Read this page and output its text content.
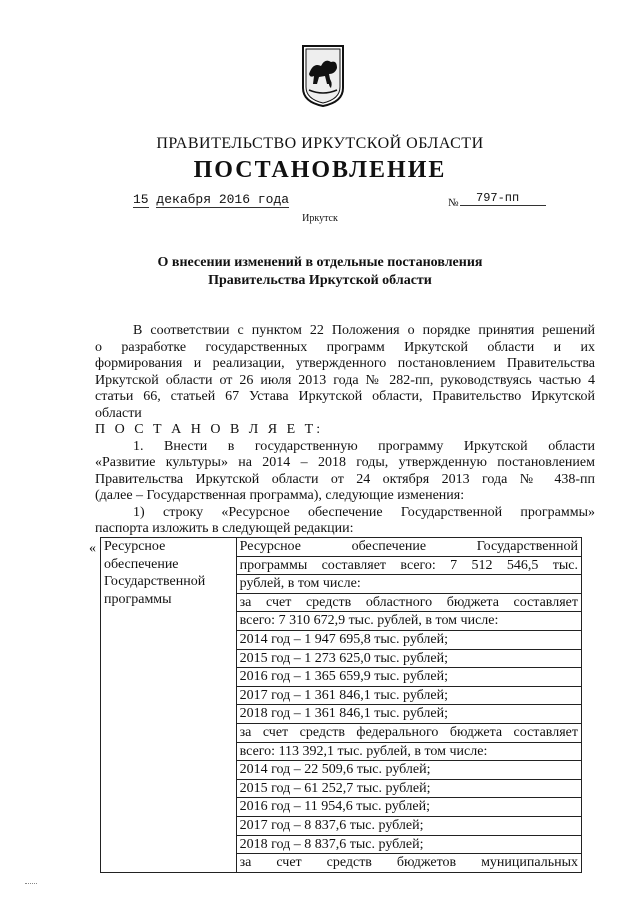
ПРАВИТЕЛЬСТВО ИРКУТСКОЙ ОБЛАСТИ
ПОСТАНОВЛЕНИЕ
15 декабря 2016 года	№	797-пп
Иркутск
О внесении изменений в отдельные постановления
Правительства Иркутской области

В соответствии с пунктом 22 Положения о порядке принятия решений

о разработке государственных программ Иркутской области и их

формирования и реализации, утвержденного постановлением Правительства

Иркутской области от 26 июля 2013 года № 282-пп, руководствуясь частью 4

статьи 66, статьей 67 Устава Иркутской области, Правительство Иркутской

области

П О С Т А Н О В Л Я Е Т:

1. Внести в государственную программу Иркутской области

«Развитие культуры» на 2014 – 2018 годы, утвержденную постановлением

Правительства Иркутской области от 24 октября 2013 года № 438-пп

(далее – Государственная программа), следующие изменения:

1) строку «Ресурсное обеспечение Государственной программы»

паспорта изложить в следующей редакции:

« Ресурсное
обеспечение
Государственной
программы

Ресурсное обеспечение Государственной
программы составляет всего: 7 512 546,5 тыс.
рублей, в том числе:
за счет средств областного бюджета составляет
всего: 7 310 672,9 тыс. рублей, в том числе:
2014 год – 1 947 695,8 тыс. рублей;
2015 год – 1 273 625,0 тыс. рублей;
2016 год – 1 365 659,9 тыс. рублей;
2017 год – 1 361 846,1 тыс. рублей;
2018 год – 1 361 846,1 тыс. рублей;
за счет средств федерального бюджета составляет
всего: 113 392,1 тыс. рублей, в том числе:
2014 год – 22 509,6 тыс. рублей;
2015 год – 61 252,7 тыс. рублей;
2016 год – 11 954,6 тыс. рублей;
2017 год – 8 837,6 тыс. рублей;
2018 год – 8 837,6 тыс. рублей;
за счет средств бюджетов муниципальных
